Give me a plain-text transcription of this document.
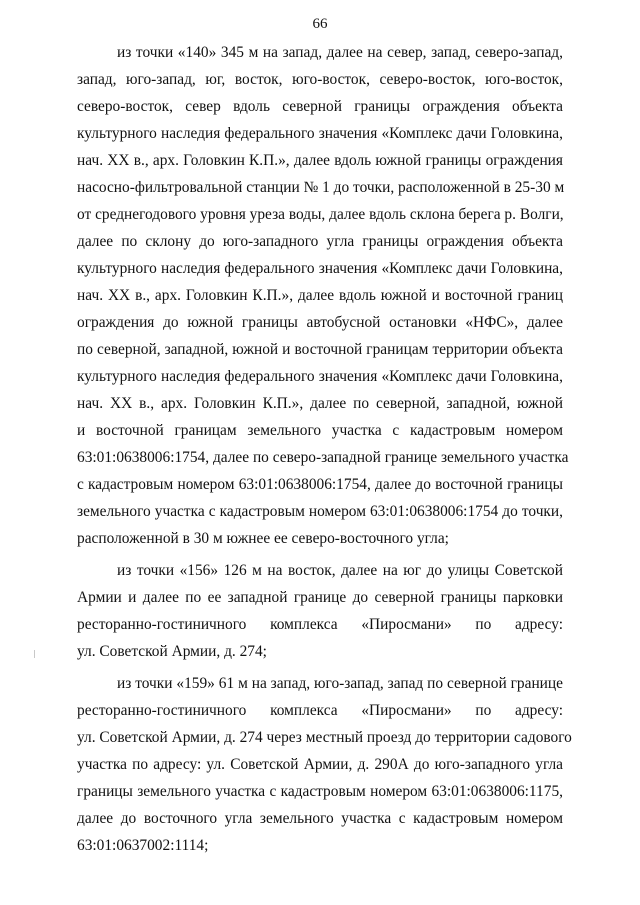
66
из точки «140» 345 м на запад, далее на север, запад, северо-запад,
запад, юго-запад, юг, восток, юго-восток, северо-восток, юго-восток,
северо-восток, север вдоль северной границы ограждения объекта
культурного наследия федерального значения «Комплекс дачи Головкина,
нач. XX в., арх. Головкин К.П.», далее вдоль южной границы ограждения
насосно-фильтровальной станции № 1 до точки, расположенной в 25-30 м
от среднегодового уровня уреза воды, далее вдоль склона берега р. Волги,
далее по склону до юго-западного угла границы ограждения объекта
культурного наследия федерального значения «Комплекс дачи Головкина,
нач. XX в., арх. Головкин К.П.», далее вдоль южной и восточной границ
ограждения до южной границы автобусной остановки «НФС», далее
по северной, западной, южной и восточной границам территории объекта
культурного наследия федерального значения «Комплекс дачи Головкина,
нач. XX в., арх. Головкин К.П.», далее по северной, западной, южной
и восточной границам земельного участка с кадастровым номером
63:01:0638006:1754, далее по северо-западной границе земельного участка
с кадастровым номером 63:01:0638006:1754, далее до восточной границы
земельного участка с кадастровым номером 63:01:0638006:1754 до точки,
расположенной в 30 м южнее ее северо-восточного угла;
из точки «156» 126 м на восток, далее на юг до улицы Советской
Армии и далее по ее западной границе до северной границы парковки
ресторанно-гостиничного комплекса «Пиросмани» по адресу:
ул. Советской Армии, д. 274;
из точки «159» 61 м на запад, юго-запад, запад по северной границе
ресторанно-гостиничного комплекса «Пиросмани» по адресу:
ул. Советской Армии, д. 274 через местный проезд до территории садового
участка по адресу: ул. Советской Армии, д. 290А до юго-западного угла
границы земельного участка с кадастровым номером 63:01:0638006:1175,
далее до восточного угла земельного участка с кадастровым номером
63:01:0637002:1114;
